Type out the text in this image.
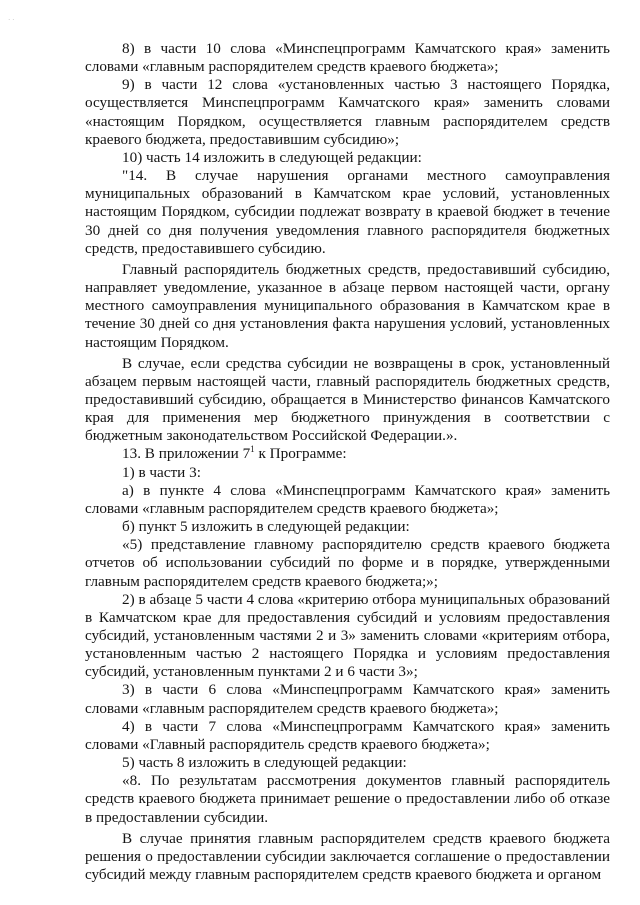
· ·

8) в части 10 слова «Минспецпрограмм Камчатского края» заменить словами «главным распорядителем средств краевого бюджета»;

9) в части 12 слова «установленных частью 3 настоящего Порядка, осуществляется Минспецпрограмм Камчатского края» заменить словами «настоящим Порядком, осуществляется главным распорядителем средств краевого бюджета, предоставившим субсидию»;

10) часть 14 изложить в следующей редакции:

"14. В случае нарушения органами местного самоуправления муниципальных образований в Камчатском крае условий, установленных настоящим Порядком, субсидии подлежат возврату в краевой бюджет в течение 30 дней со дня получения уведомления главного распорядителя бюджетных средств, предоставившего субсидию.

Главный распорядитель бюджетных средств, предоставивший субсидию, направляет уведомление, указанное в абзаце первом настоящей части, органу местного самоуправления муниципального образования в Камчатском крае в течение 30 дней со дня установления факта нарушения условий, установленных настоящим Порядком.

В случае, если средства субсидии не возвращены в срок, установленный абзацем первым настоящей части, главный распорядитель бюджетных средств, предоставивший субсидию, обращается в Министерство финансов Камчатского края для применения мер бюджетного принуждения в соответствии с бюджетным законодательством Российской Федерации.».

13. В приложении $7^1$ к Программе:

1) в части 3:

а) в пункте 4 слова «Минспецпрограмм Камчатского края» заменить словами «главным распорядителем средств краевого бюджета»;

б) пункт 5 изложить в следующей редакции:

«5) представление главному распорядителю средств краевого бюджета отчетов об использовании субсидий по форме и в порядке, утвержденными главным распорядителем средств краевого бюджета;»;

2) в абзаце 5 части 4 слова «критерию отбора муниципальных образований в Камчатском крае для предоставления субсидий и условиям предоставления субсидий, установленным частями 2 и 3» заменить словами «критериям отбора, установленным частью 2 настоящего Порядка и условиям предоставления субсидий, установленным пунктами 2 и 6 части 3»;

3) в части 6 слова «Минспецпрограмм Камчатского края» заменить словами «главным распорядителем средств краевого бюджета»;

4) в части 7 слова «Минспецпрограмм Камчатского края» заменить словами «Главный распорядитель средств краевого бюджета»;

5) часть 8 изложить в следующей редакции:

«8. По результатам рассмотрения документов главный распорядитель средств краевого бюджета принимает решение о предоставлении либо об отказе в предоставлении субсидии.

В случае принятия главным распорядителем средств краевого бюджета решения о предоставлении субсидии заключается соглашение о предоставлении субсидий между главным распорядителем средств краевого бюджета и органом
